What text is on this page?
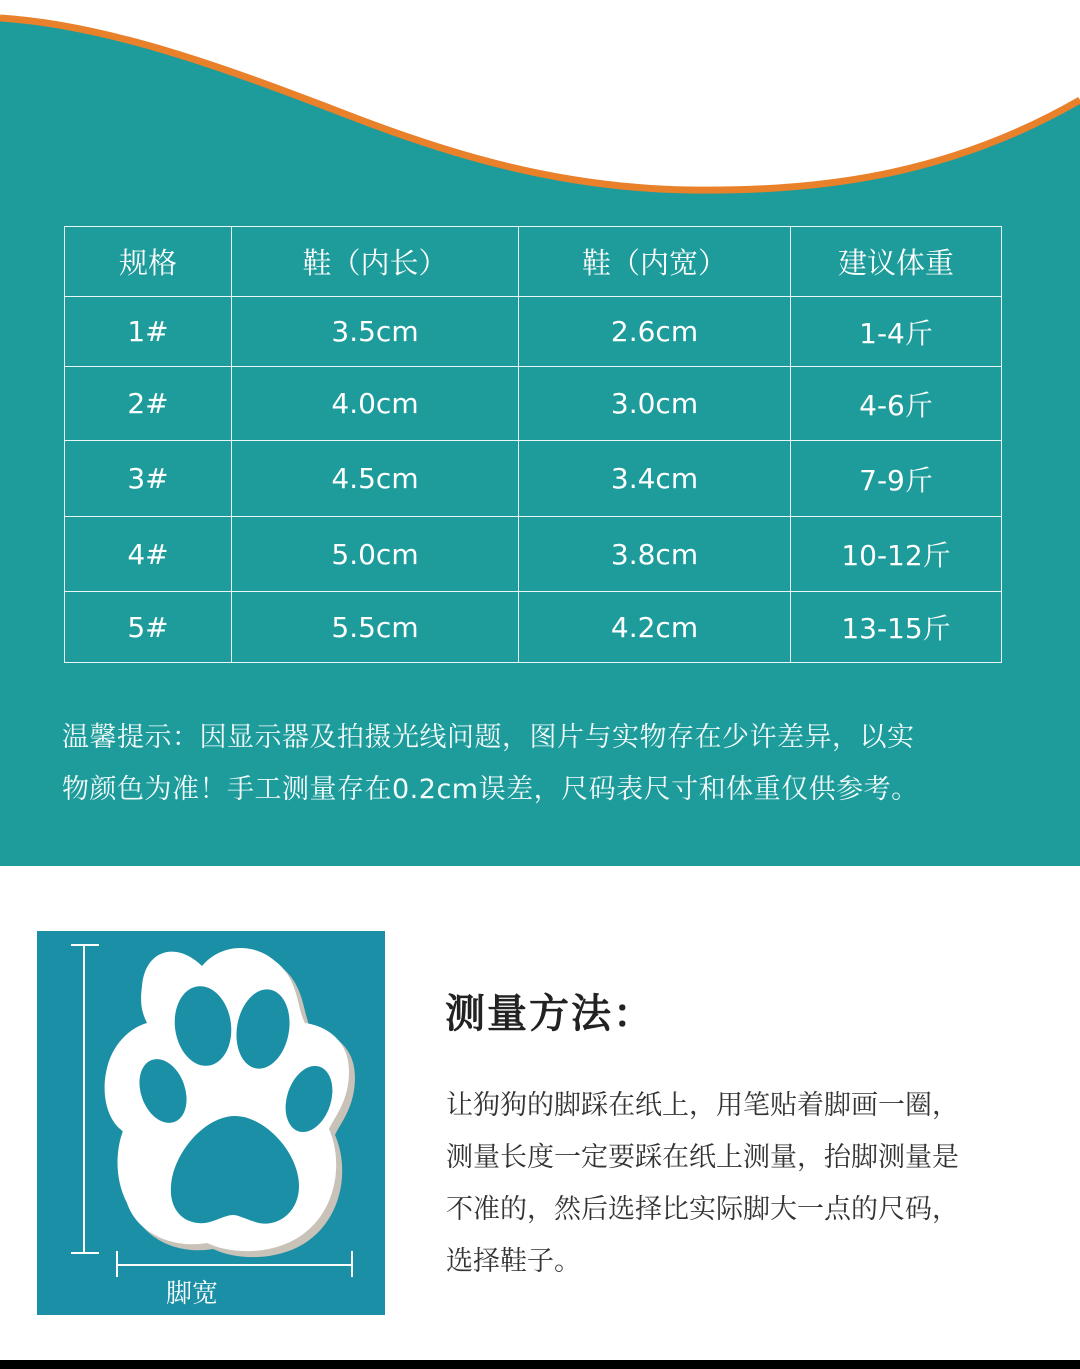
规格	鞋（内长）	鞋（内宽）	建议体重
1#	3.5cm	2.6cm	1-4斤
2#	4.0cm	3.0cm	4-6斤
3#	4.5cm	3.4cm	7-9斤
4#	5.0cm	3.8cm	10-12斤
5#	5.5cm	4.2cm	13-15斤
温馨提示：因显示器及拍摄光线问题，图片与实物存在少许差异，以实
物颜色为准！手工测量存在0.2cm误差，尺码表尺寸和体重仅供参考。
脚长
脚宽
测量方法：
让狗狗的脚踩在纸上，用笔贴着脚画一圈，
测量长度一定要踩在纸上测量，抬脚测量是
不准的，然后选择比实际脚大一点的尺码，
选择鞋子。
